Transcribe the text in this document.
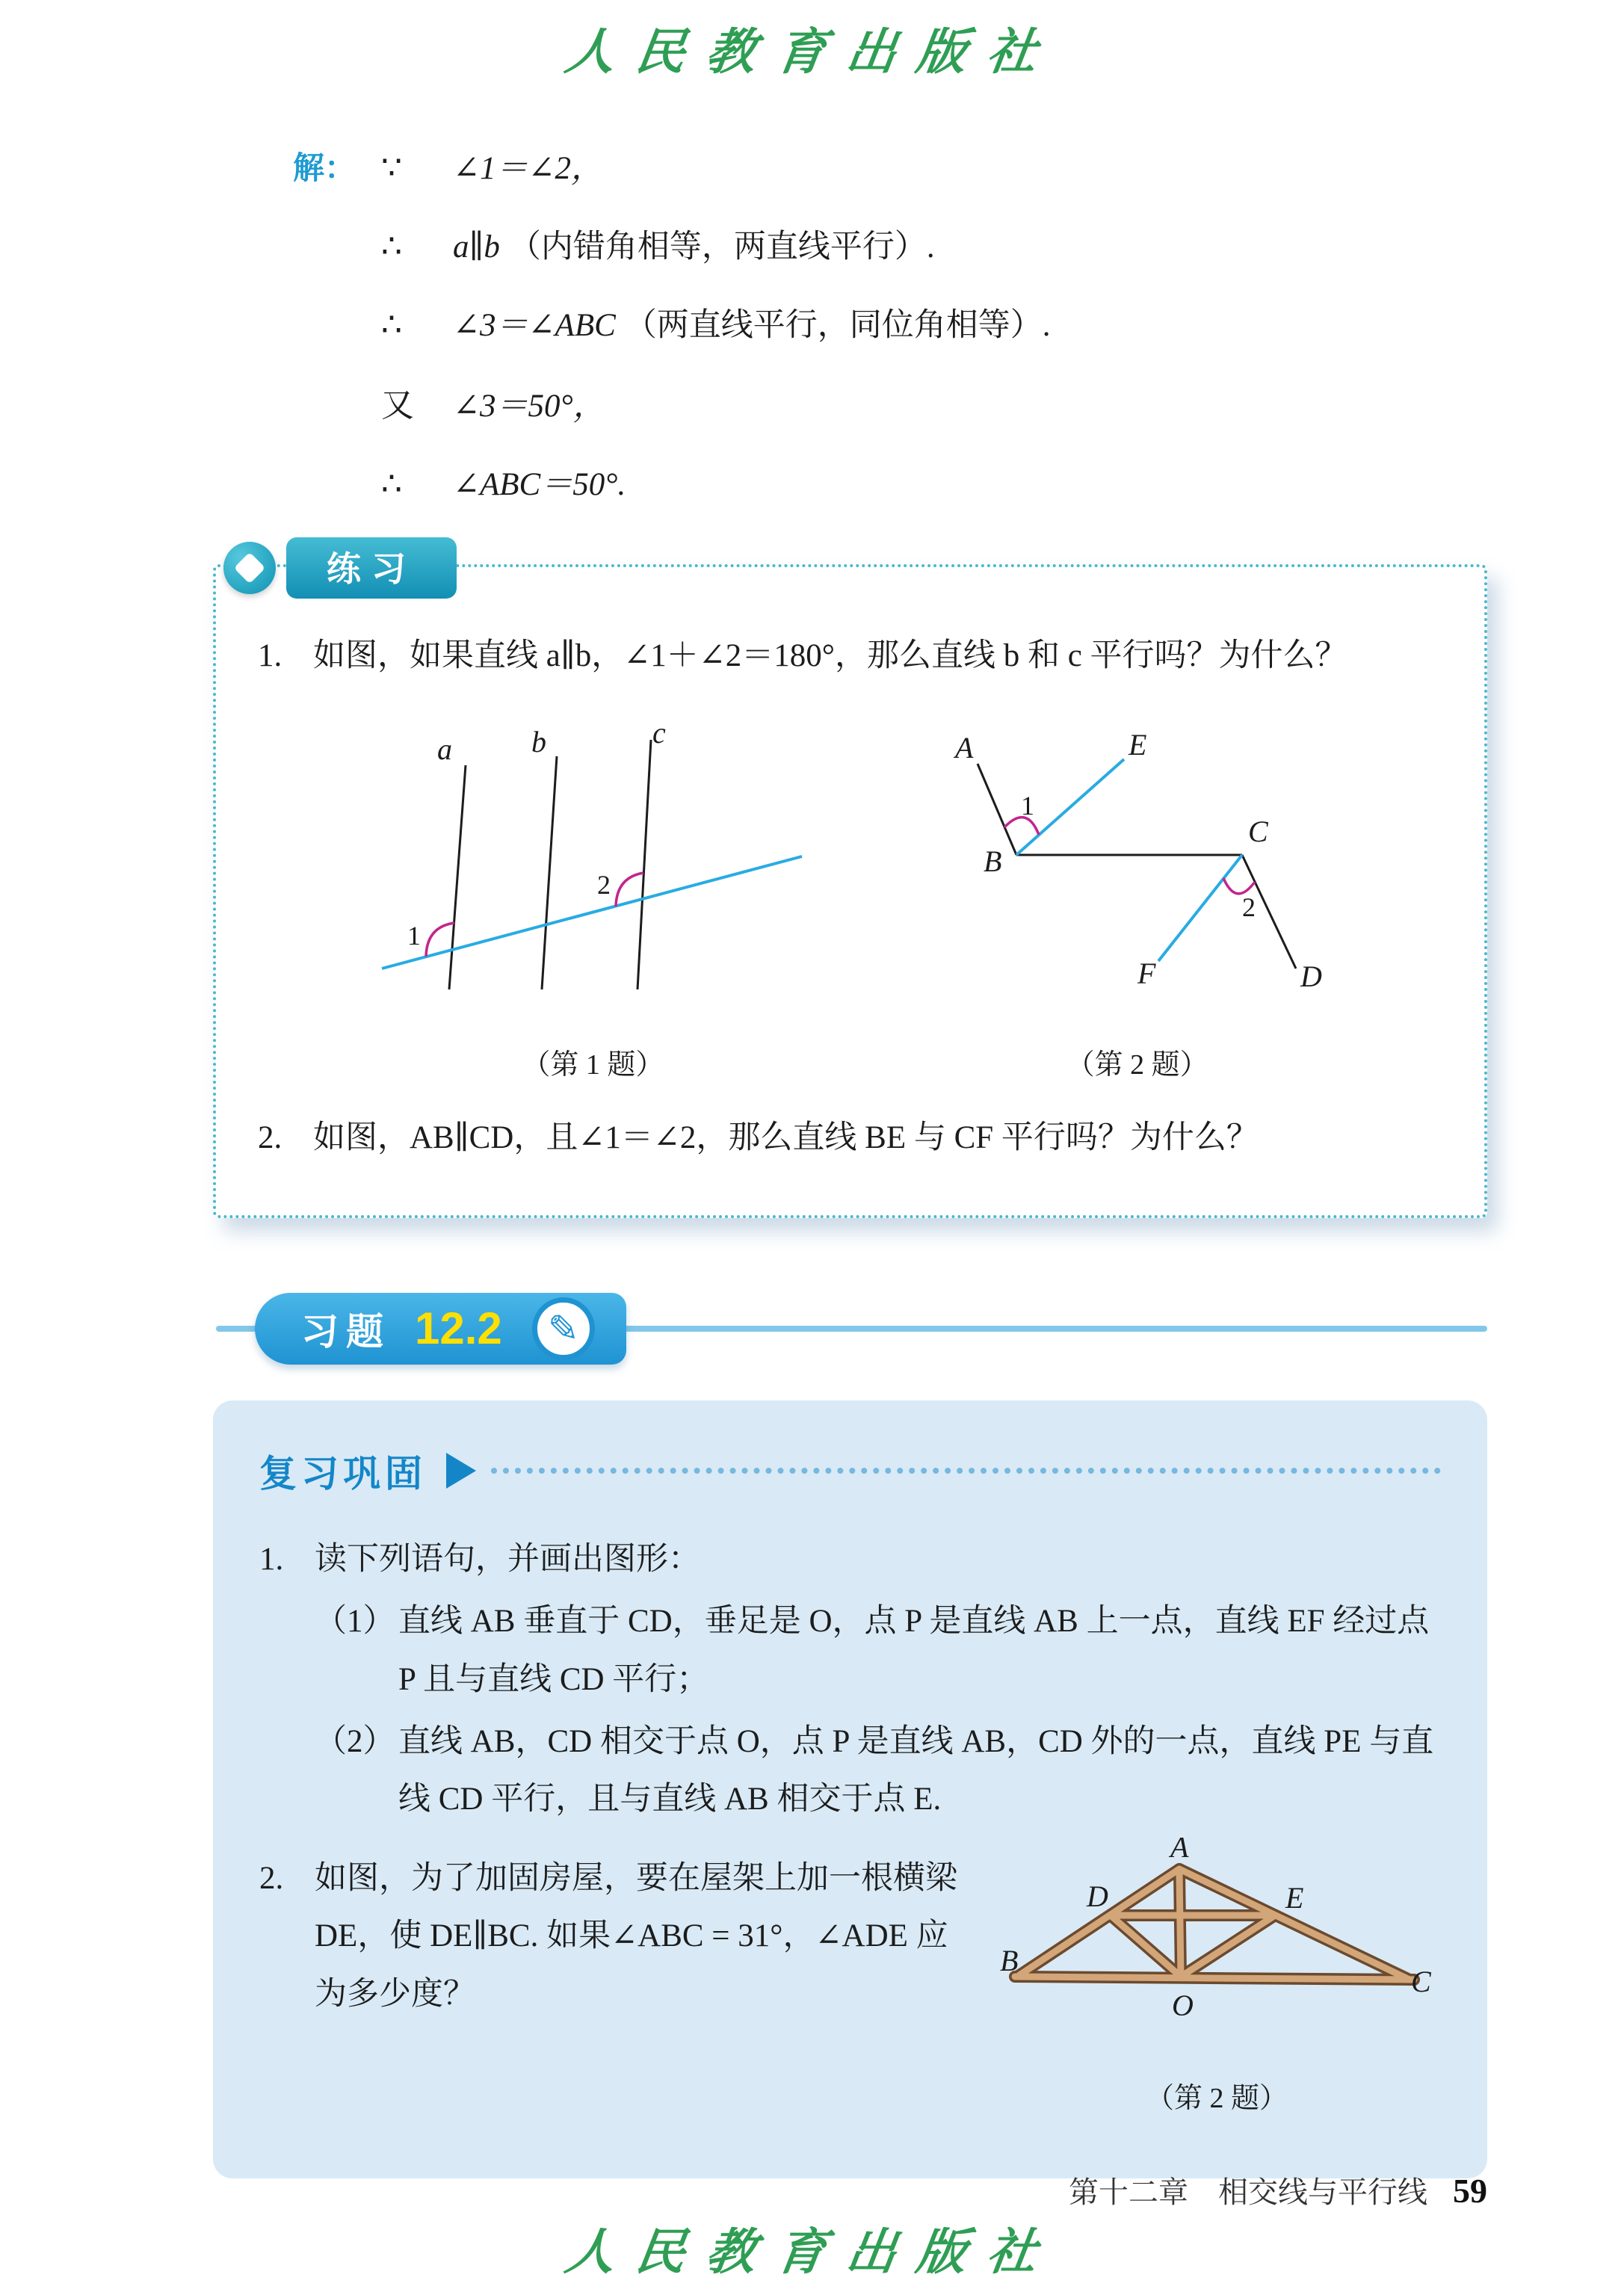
人民教育出版社
解： ∵ ∠1＝∠2，
∴ a∥b （内错角相等，两直线平行）.
∴ ∠3＝∠ABC （两直线平行，同位角相等）.
又 ∠3＝50°，
∴ ∠ABC＝50°.
练习
1. 如图，如果直线 a∥b，∠1＋∠2＝180°，那么直线 b 和 c 平行吗？为什么？
a	b	c
1
2
（第 1 题）
A	E
B
C
F	D
1
2
（第 2 题）
2. 如图，AB∥CD，且∠1＝∠2，那么直线 BE 与 CF 平行吗？为什么？
习题 12.2 ✎
复习巩固
1. 读下列语句，并画出图形：
（1） 直线 AB 垂直于 CD，垂足是 O，点 P 是直线 AB 上一点，直线 EF 经过点 P 且与直线 CD 平行；
（2） 直线 AB，CD 相交于点 O，点 P 是直线 AB，CD 外的一点，直线 PE 与直线 CD 平行，且与直线 AB 相交于点 E.
2.
A
B
C
D	E
O
（第 2 题）
如图，为了加固房屋，要在屋架上加一根横梁 DE，使 DE∥BC. 如果∠ABC = 31°，∠ADE 应为多少度？
第十二章　相交线与平行线 59
人民教育出版社
